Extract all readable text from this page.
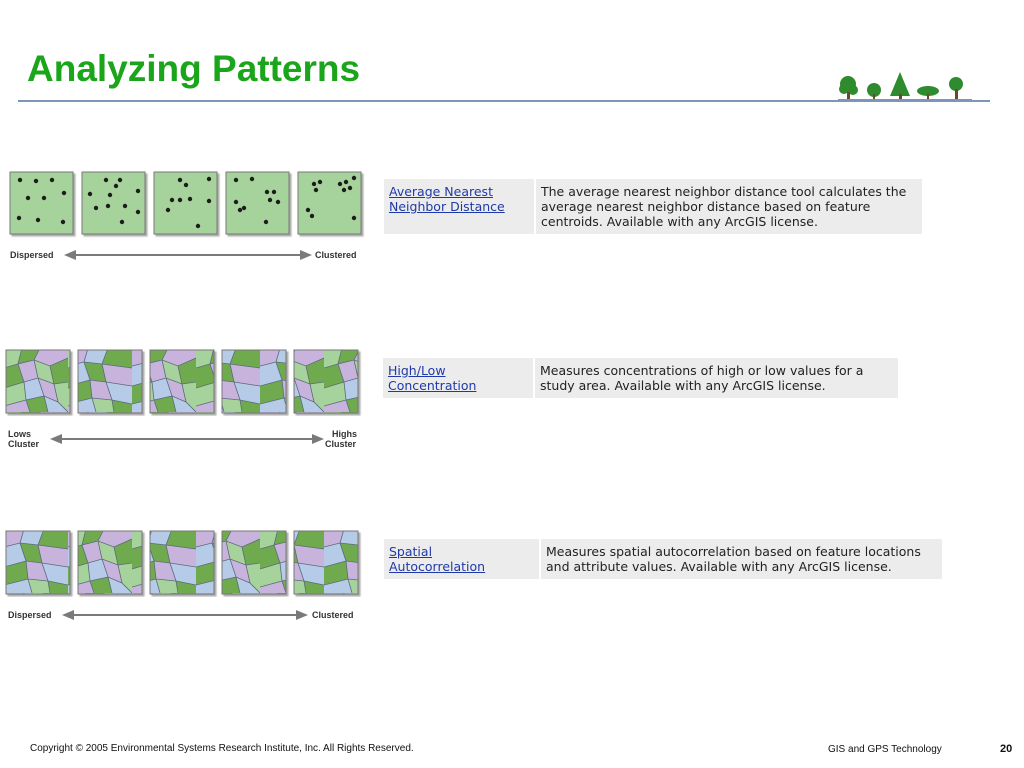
Analyzing Patterns
Dispersed	Clustered
Average Nearest
Neighbor Distance	The average nearest neighbor distance tool calculates the average nearest neighbor distance based on feature centroids. Available with any ArcGIS license.
Lows
Cluster
Highs
Cluster
High/Low
Concentration	Measures concentrations of high or low values for a study area. Available with any ArcGIS license.
Dispersed	Clustered
Spatial
Autocorrelation	Measures spatial autocorrelation based on feature locations and attribute values. Available with any ArcGIS license.
Copyright © 2005 Environmental Systems Research Institute, Inc. All Rights Reserved.	GIS and GPS Technology	20
